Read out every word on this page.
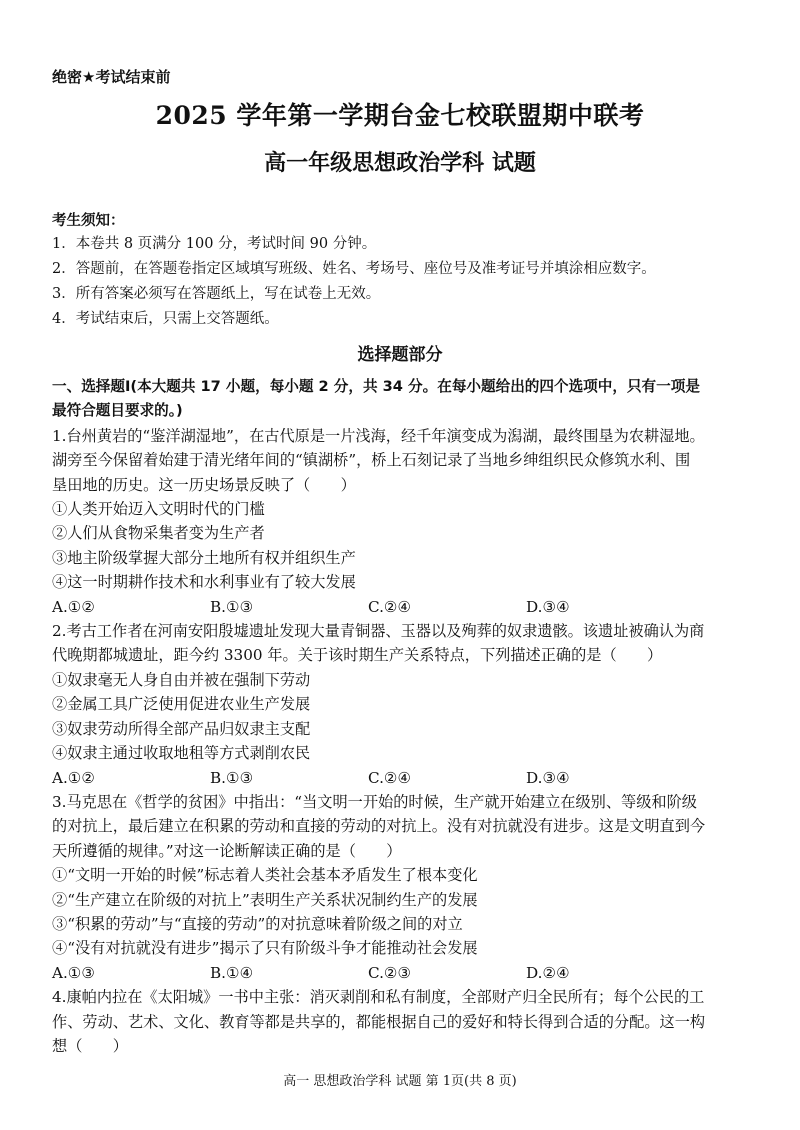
绝密★考试结束前
2025 学年第一学期台金七校联盟期中联考
高一年级思想政治学科 试题
考生须知：
1．本卷共 8 页满分 100 分，考试时间 90 分钟。
2．答题前，在答题卷指定区域填写班级、姓名、考场号、座位号及准考证号并填涂相应数字。
3．所有答案必须写在答题纸上，写在试卷上无效。
4．考试结束后，只需上交答题纸。
选择题部分
一、选择题Ⅰ(本大题共 17 小题，每小题 2 分，共 34 分。在每小题给出的四个选项中，只有一项是
最符合题目要求的。)
1.台州黄岩的“鉴洋湖湿地”，在古代原是一片浅海，经千年演变成为潟湖，最终围垦为农耕湿地。
湖旁至今保留着始建于清光绪年间的“镇湖桥”，桥上石刻记录了当地乡绅组织民众修筑水利、围
垦田地的历史。这一历史场景反映了（　　）
①人类开始迈入文明时代的门槛
②人们从食物采集者变为生产者
③地主阶级掌握大部分土地所有权并组织生产
④这一时期耕作技术和水利事业有了较大发展
A.①②	B.①③	C.②④	D.③④
2.考古工作者在河南安阳殷墟遗址发现大量青铜器、玉器以及殉葬的奴隶遗骸。该遗址被确认为商
代晚期都城遗址，距今约 3300 年。关于该时期生产关系特点，下列描述正确的是（　　）
①奴隶毫无人身自由并被在强制下劳动
②金属工具广泛使用促进农业生产发展
③奴隶劳动所得全部产品归奴隶主支配
④奴隶主通过收取地租等方式剥削农民
A.①②	B.①③	C.②④	D.③④
3.马克思在《哲学的贫困》中指出：“当文明一开始的时候，生产就开始建立在级别、等级和阶级
的对抗上，最后建立在积累的劳动和直接的劳动的对抗上。没有对抗就没有进步。这是文明直到今
天所遵循的规律。”对这一论断解读正确的是（　　）
①“文明一开始的时候”标志着人类社会基本矛盾发生了根本变化
②“生产建立在阶级的对抗上”表明生产关系状况制约生产的发展
③“积累的劳动”与“直接的劳动”的对抗意味着阶级之间的对立
④“没有对抗就没有进步”揭示了只有阶级斗争才能推动社会发展
A.①③	B.①④	C.②③	D.②④
4.康帕内拉在《太阳城》一书中主张：消灭剥削和私有制度，全部财产归全民所有；每个公民的工
作、劳动、艺术、文化、教育等都是共享的，都能根据自己的爱好和特长得到合适的分配。这一构
想（　　）
高一 思想政治学科 试题 第 1页(共 8 页)
